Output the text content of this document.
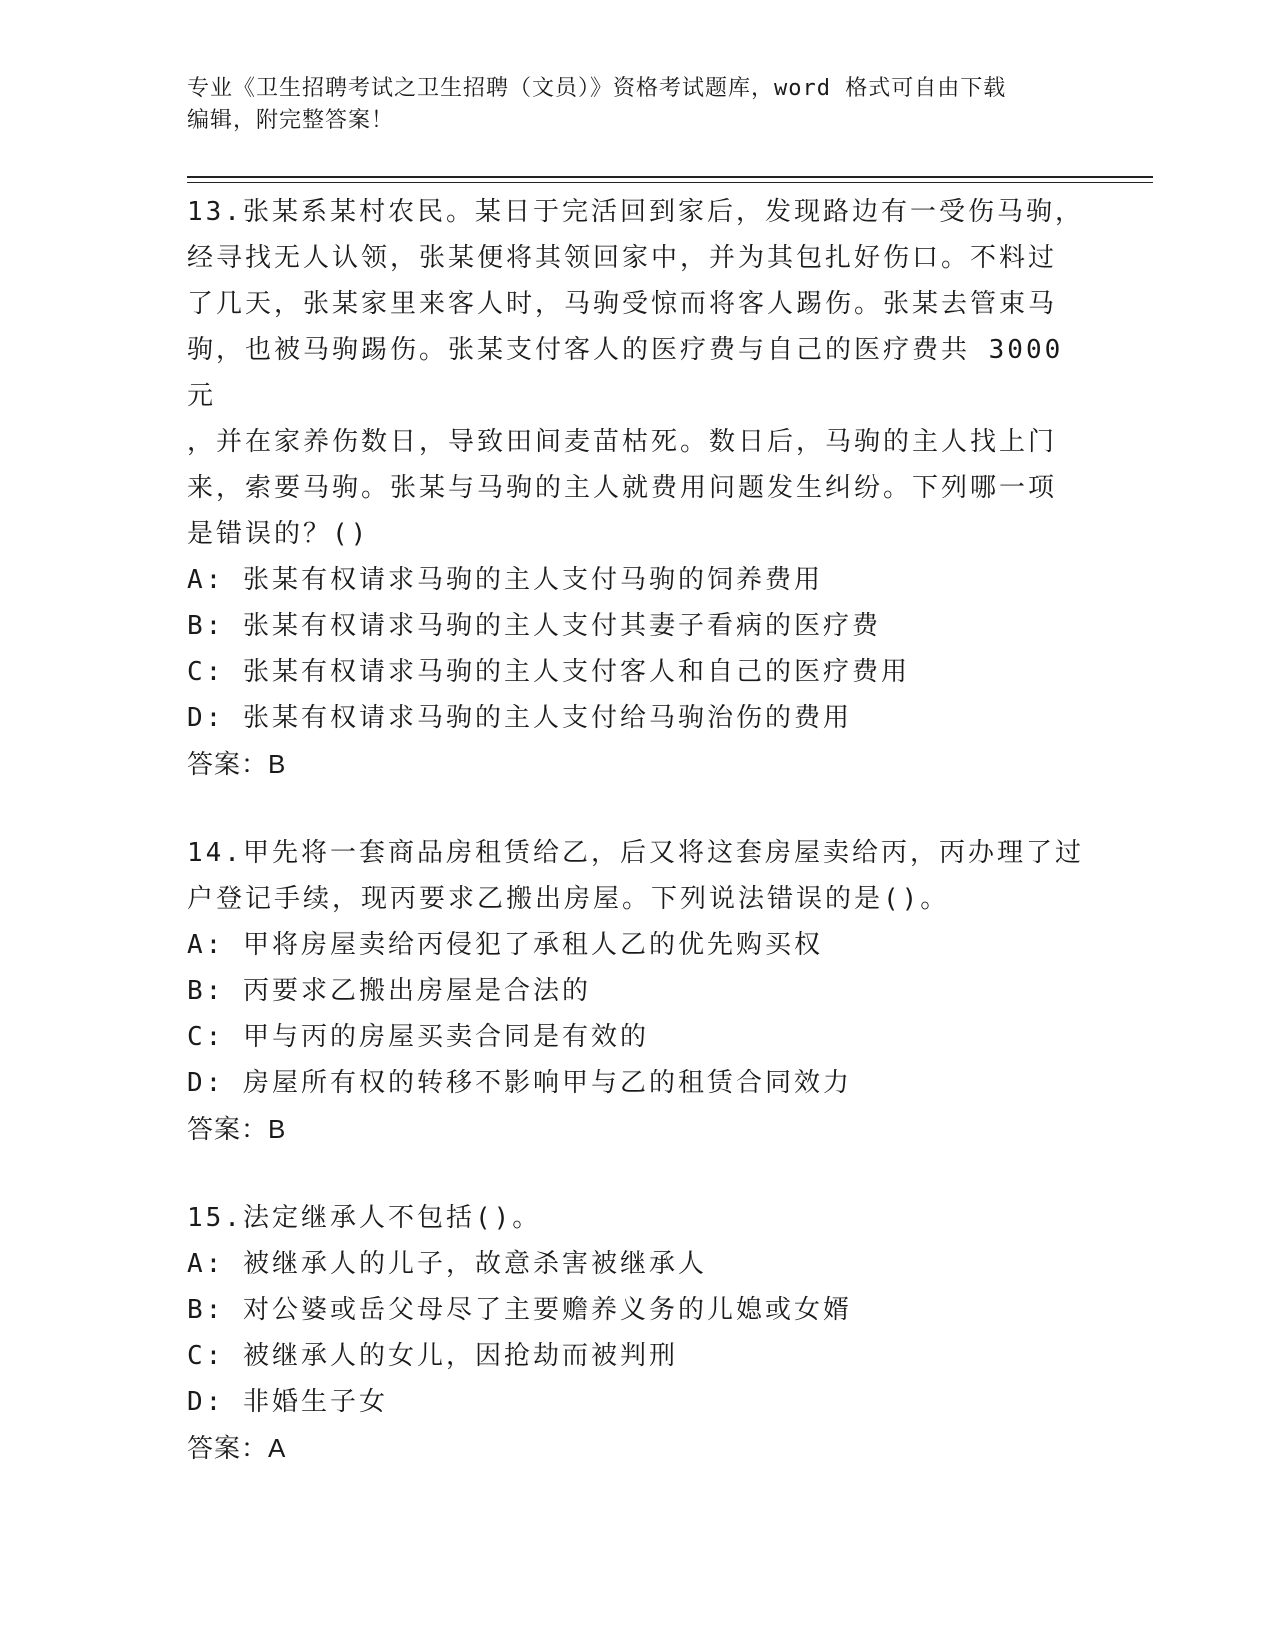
专业《卫生招聘考试之卫生招聘（文员）》资格考试题库，word 格式可自由下载
编辑，附完整答案！

13.张某系某村农民。某日于完活回到家后，发现路边有一受伤马驹，

经寻找无人认领，张某便将其领回家中，并为其包扎好伤口。不料过

了几天，张某家里来客人时，马驹受惊而将客人踢伤。张某去管束马

驹，也被马驹踢伤。张某支付客人的医疗费与自己的医疗费共 3000 元

，并在家养伤数日，导致田间麦苗枯死。数日后，马驹的主人找上门

来，索要马驹。张某与马驹的主人就费用问题发生纠纷。下列哪一项

是错误的？()

A: 张某有权请求马驹的主人支付马驹的饲养费用

B: 张某有权请求马驹的主人支付其妻子看病的医疗费

C: 张某有权请求马驹的主人支付客人和自己的医疗费用

D: 张某有权请求马驹的主人支付给马驹治伤的费用

答案：B

14.甲先将一套商品房租赁给乙，后又将这套房屋卖给丙，丙办理了过

户登记手续，现丙要求乙搬出房屋。下列说法错误的是()。

A: 甲将房屋卖给丙侵犯了承租人乙的优先购买权

B: 丙要求乙搬出房屋是合法的

C: 甲与丙的房屋买卖合同是有效的

D: 房屋所有权的转移不影响甲与乙的租赁合同效力

答案：B

15.法定继承人不包括()。

A: 被继承人的儿子，故意杀害被继承人

B: 对公婆或岳父母尽了主要赡养义务的儿媳或女婿

C: 被继承人的女儿，因抢劫而被判刑

D: 非婚生子女

答案：A
